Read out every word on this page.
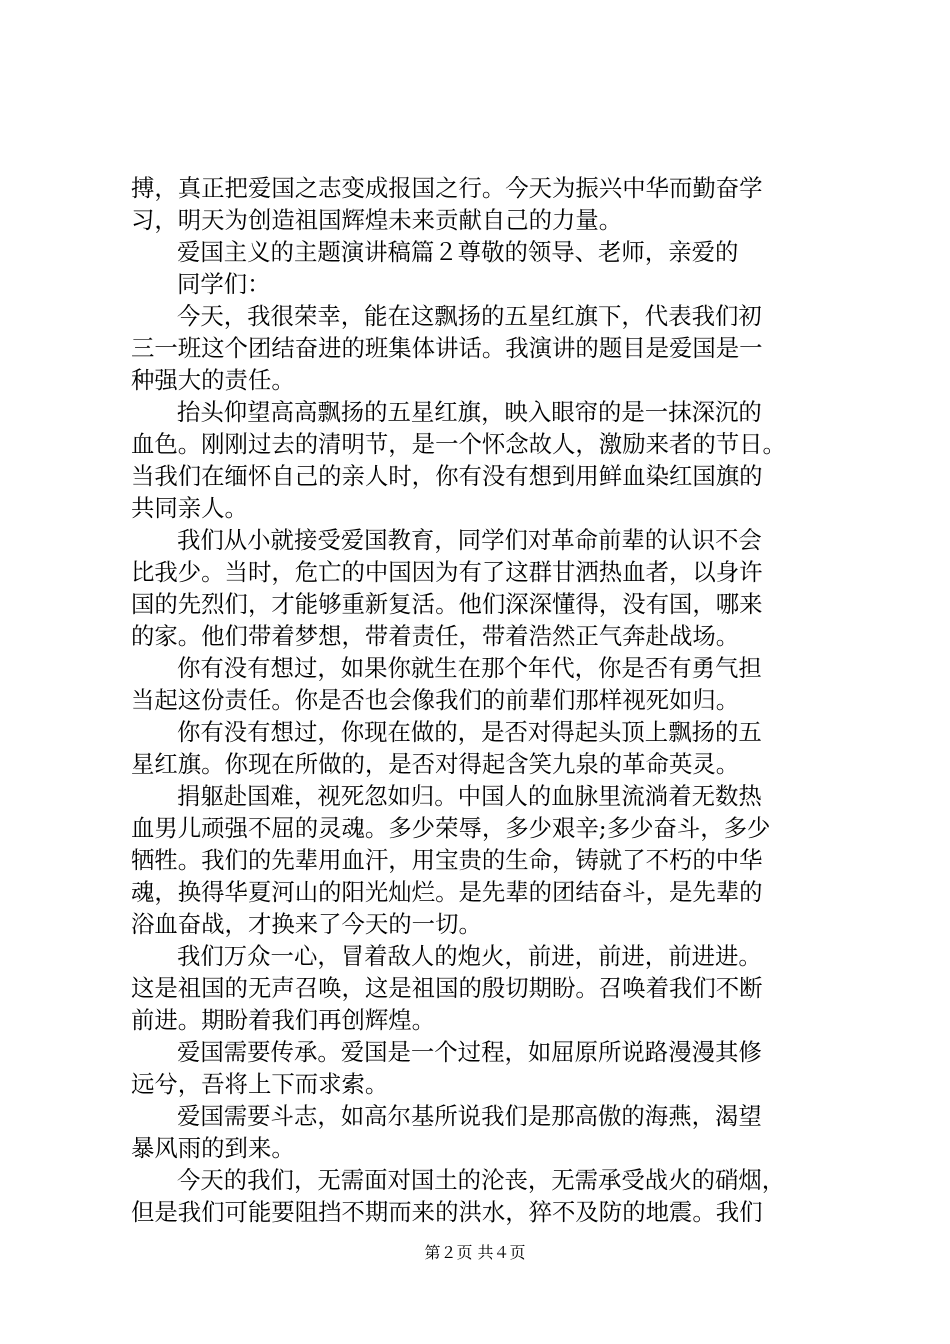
搏，真正把爱国之志变成报国之行。今天为振兴中华而勤奋学
习，明天为创造祖国辉煌未来贡献自己的力量。
爱国主义的主题演讲稿篇２尊敬的领导、老师，亲爱的
同学们：
今天，我很荣幸，能在这飘扬的五星红旗下，代表我们初
三一班这个团结奋进的班集体讲话。我演讲的题目是爱国是一
种强大的责任。
抬头仰望高高飘扬的五星红旗，映入眼帘的是一抹深沉的
血色。刚刚过去的清明节，是一个怀念故人，激励来者的节日。
当我们在缅怀自己的亲人时，你有没有想到用鲜血染红国旗的
共同亲人。
我们从小就接受爱国教育，同学们对革命前辈的认识不会
比我少。当时，危亡的中国因为有了这群甘洒热血者，以身许
国的先烈们，才能够重新复活。他们深深懂得，没有国，哪来
的家。他们带着梦想，带着责任，带着浩然正气奔赴战场。
你有没有想过，如果你就生在那个年代，你是否有勇气担
当起这份责任。你是否也会像我们的前辈们那样视死如归。
你有没有想过，你现在做的，是否对得起头顶上飘扬的五
星红旗。你现在所做的，是否对得起含笑九泉的革命英灵。
捐躯赴国难，视死忽如归。中国人的血脉里流淌着无数热
血男儿顽强不屈的灵魂。多少荣辱，多少艰辛;多少奋斗，多少
牺牲。我们的先辈用血汗，用宝贵的生命，铸就了不朽的中华
魂，换得华夏河山的阳光灿烂。是先辈的团结奋斗，是先辈的
浴血奋战，才换来了今天的一切。
我们万众一心，冒着敌人的炮火，前进，前进，前进进。
这是祖国的无声召唤，这是祖国的殷切期盼。召唤着我们不断
前进。期盼着我们再创辉煌。
爱国需要传承。爱国是一个过程，如屈原所说路漫漫其修
远兮，吾将上下而求索。
爱国需要斗志，如高尔基所说我们是那高傲的海燕，渴望
暴风雨的到来。
今天的我们，无需面对国土的沦丧，无需承受战火的硝烟，
但是我们可能要阻挡不期而来的洪水，猝不及防的地震。我们
第２页 共４页
